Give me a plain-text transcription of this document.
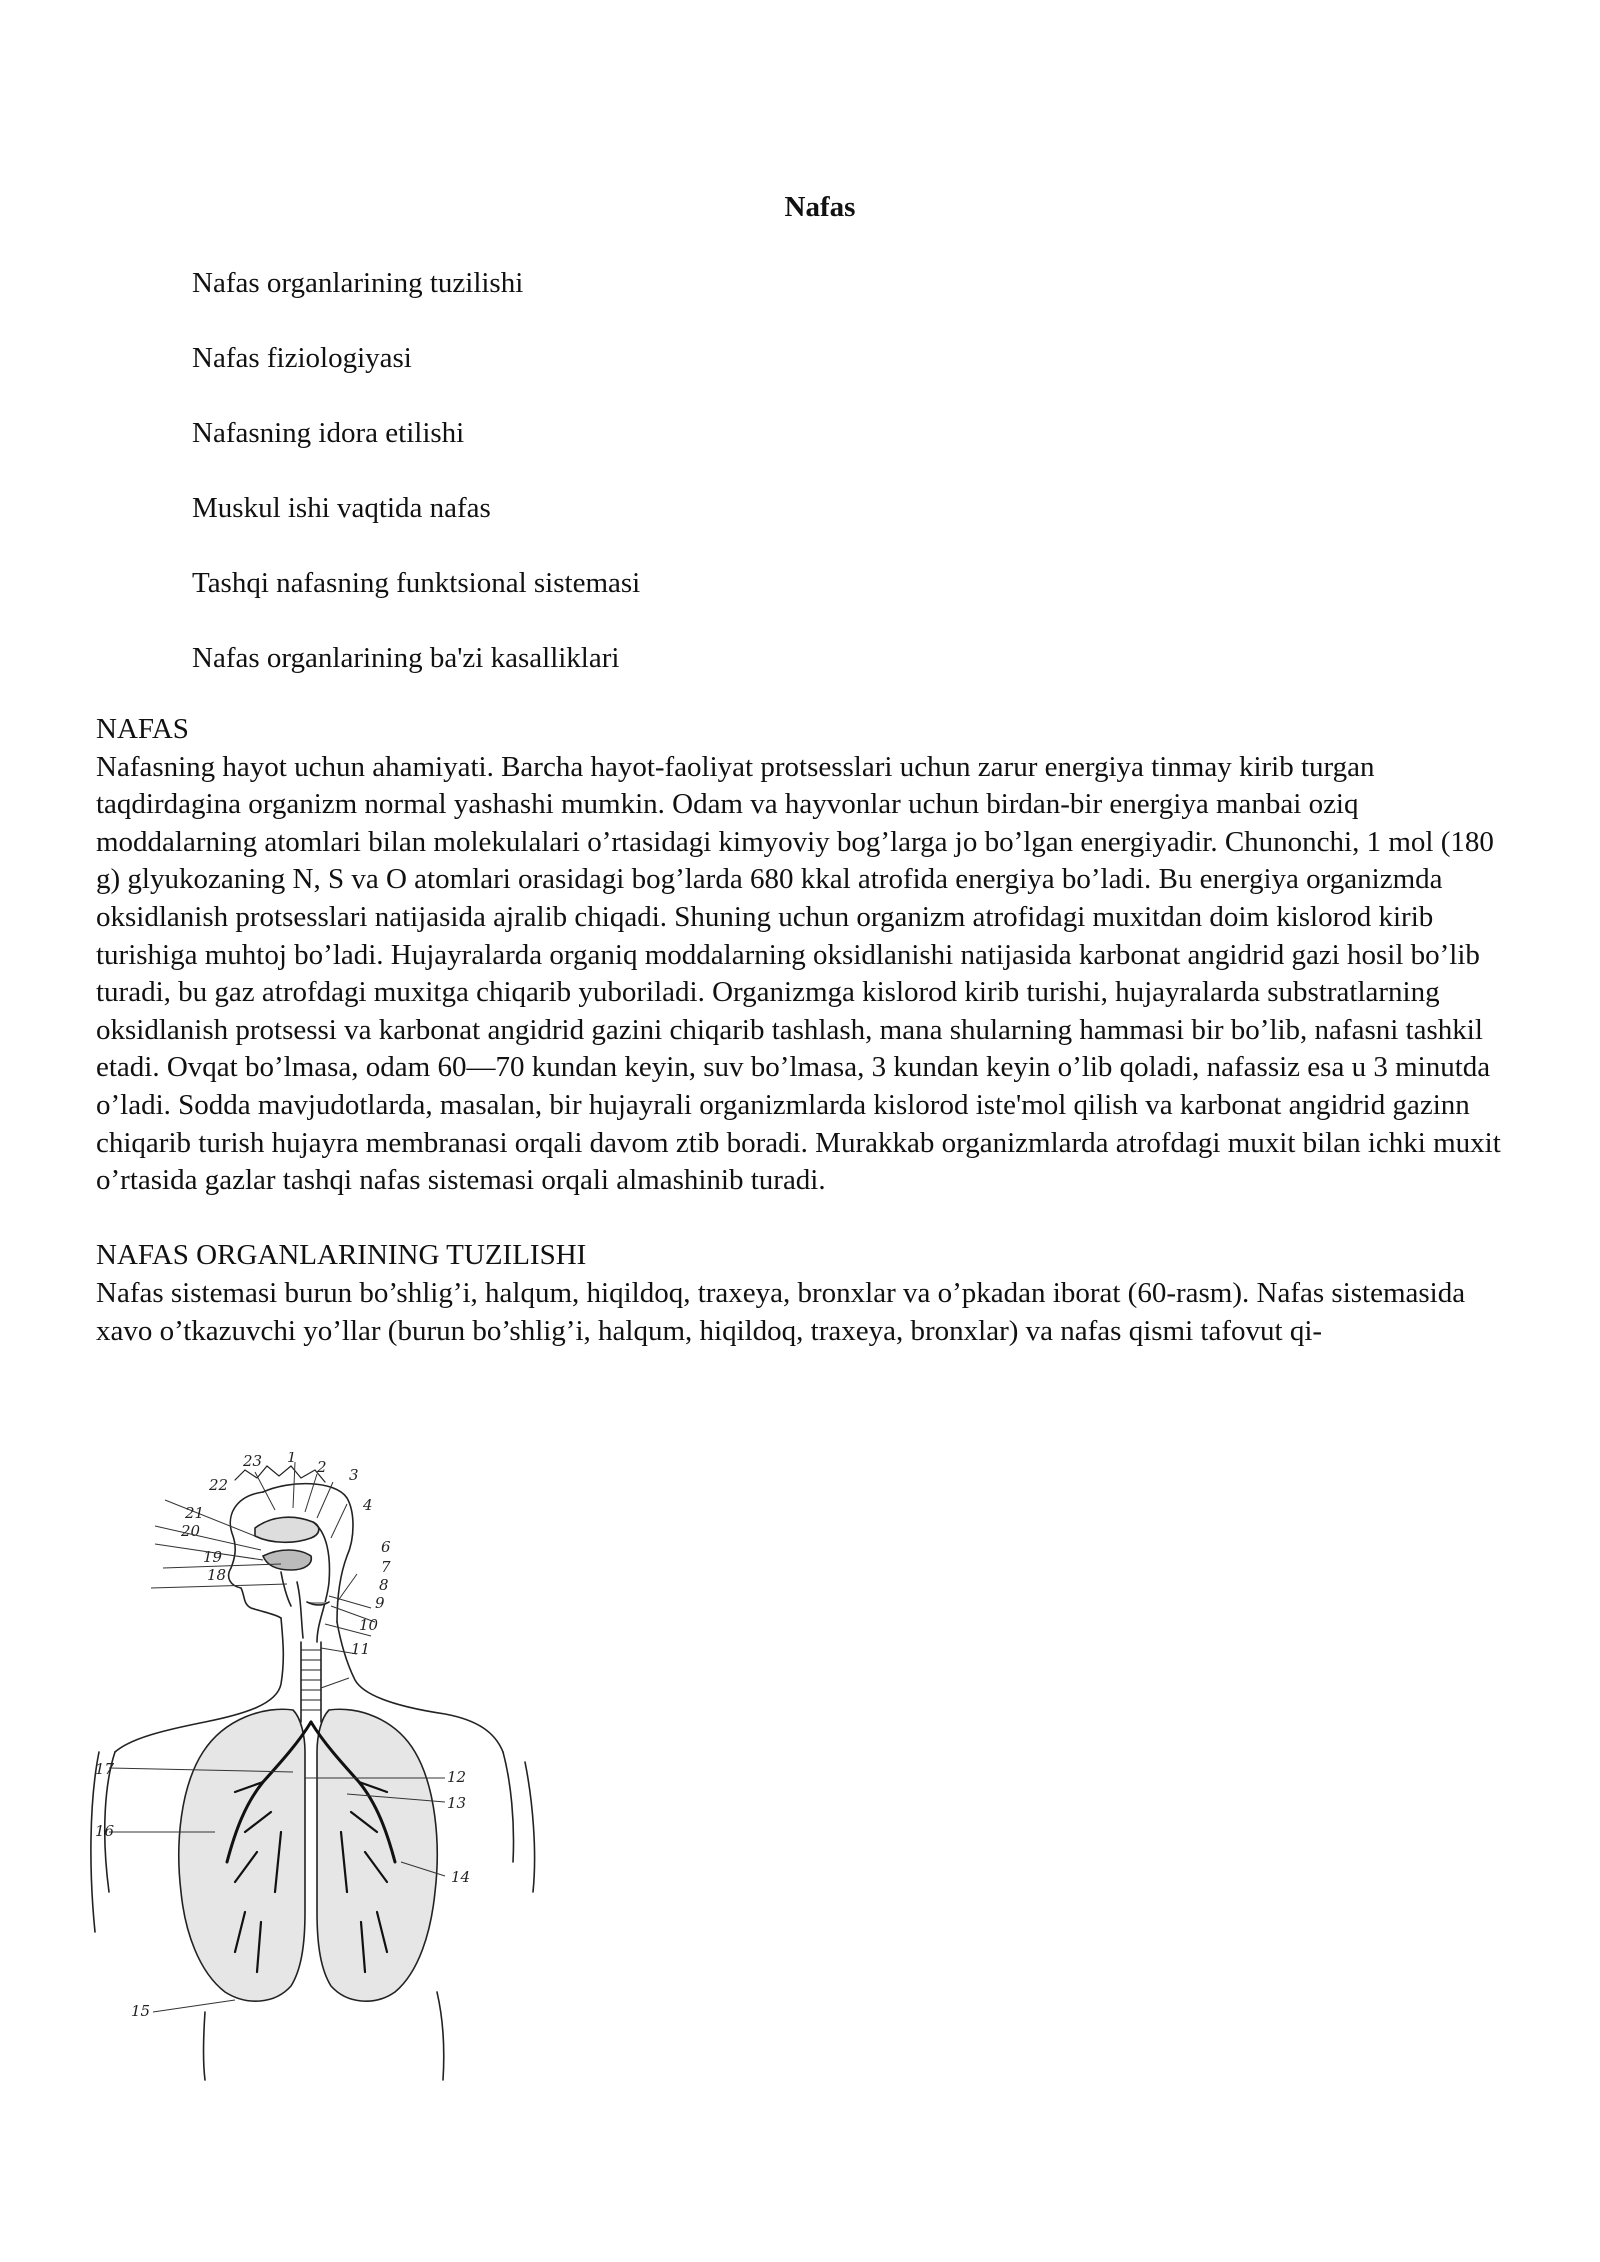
Nafas
Nafas organlarining tuzilishi
Nafas fiziologiyasi
Nafasning idora etilishi
Muskul ishi vaqtida nafas
Tashqi nafasning funktsional sistemasi
Nafas organlarining ba'zi kasalliklari
NAFAS

Nafasning hayot uchun ahamiyati. Barcha hayot-faoliyat protsesslari uchun zarur energiya tinmay kirib turgan taqdirdagina organizm normal yashashi mumkin. Odam va hayvonlar uchun birdan-bir energiya manbai oziq moddalarning atomlari bilan molekulalari o’rtasidagi kimyoviy bog’larga jo bo’lgan energiyadir. Chunonchi, 1 mol (180 g) glyukozaning N, S va O atomlari orasidagi bog’larda 680 kkal atrofida energiya bo’ladi. Bu energiya organizmda oksidlanish protsesslari natijasida ajralib chiqadi. Shuning uchun organizm atrofidagi muxitdan doim kislorod kirib turishiga muhtoj bo’ladi. Hujayralarda organiq moddalarning oksidlanishi natijasida karbonat angidrid gazi hosil bo’lib turadi, bu gaz atrofdagi muxitga chiqarib yuboriladi. Organizmga kislorod kirib turishi, hujayralarda substratlarning oksidlanish protsessi va karbonat angidrid gazini chiqarib tashlash, mana shularning hammasi bir bo’lib, nafasni tashkil etadi. Ovqat bo’lmasa, odam 60—70 kundan keyin, suv bo’lmasa, 3 kundan keyin o’lib qoladi, nafassiz esa u 3 minutda o’ladi. Sodda mavjudotlarda, masalan, bir hujayrali organizmlarda kislorod iste'mol qilish va karbonat angidrid gazinn chiqarib turish hujayra membranasi orqali davom ztib boradi. Murakkab organizmlarda atrofdagi muxit bilan ichki muxit o’rtasida gazlar tashqi nafas sistemasi orqali almashinib turadi.

NAFAS ORGANLARINING TUZILISHI

Nafas sistemasi burun bo’shlig’i, halqum, hiqildoq, traxeya, bronxlar va o’pkadan iborat (60-rasm). Nafas sistemasida xavo o’tkazuvchi yo’llar (burun bo’shlig’i, halqum, hiqildoq, traxeya, bronxlar) va nafas qismi tafovut qi-

23 1
2
22
3
4
21
20
6
19
7
18
8
9
10
11
17	12
16
13
14
15
